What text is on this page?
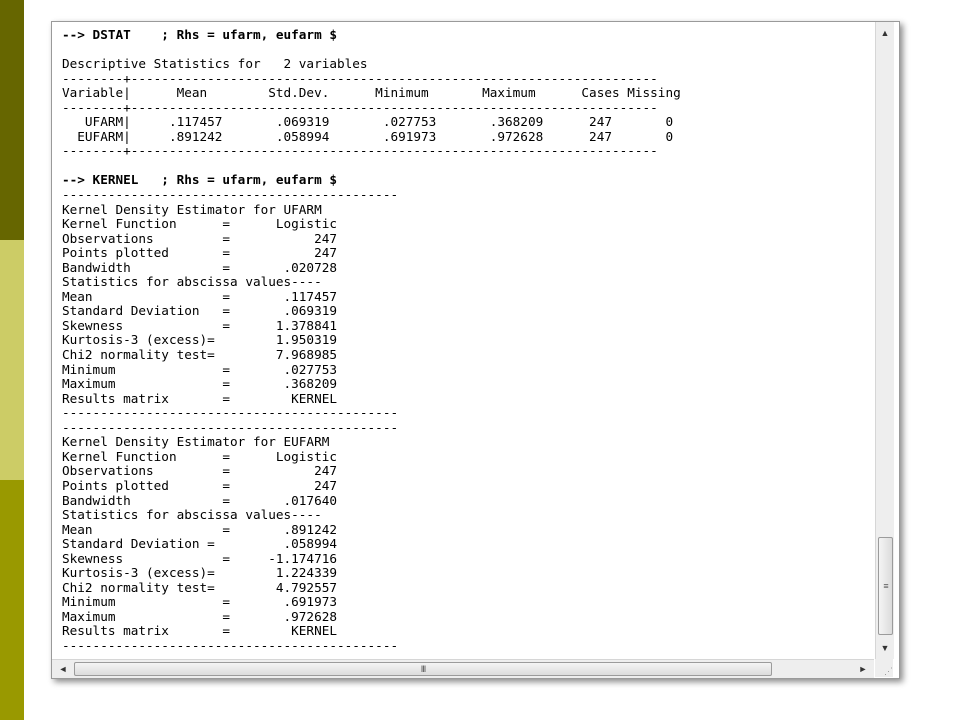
--> DSTAT    ; Rhs = ufarm, eufarm $
Descriptive Statistics for   2 variables
--------+---------------------------------------------------------------------
Variable|      Mean        Std.Dev.      Minimum       Maximum      Cases Missing
--------+---------------------------------------------------------------------
UFARM|     .117457       .069319       .027753       .368209      247       0
EUFARM|     .891242       .058994       .691973       .972628      247       0
--------+---------------------------------------------------------------------
--> KERNEL   ; Rhs = ufarm, eufarm $
--------------------------------------------
Kernel Density Estimator for UFARM
Kernel Function      =      Logistic
Observations         =           247
Points plotted       =           247
Bandwidth            =       .020728
Statistics for abscissa values----
Mean                 =       .117457
Standard Deviation   =       .069319
Skewness             =      1.378841
Kurtosis-3 (excess)=        1.950319
Chi2 normality test=        7.968985
Minimum              =       .027753
Maximum              =       .368209
Results matrix       =        KERNEL
--------------------------------------------
--------------------------------------------
Kernel Density Estimator for EUFARM
Kernel Function      =      Logistic
Observations         =           247
Points plotted       =           247
Bandwidth            =       .017640
Statistics for abscissa values----
Mean                 =       .891242
Standard Deviation =         .058994
Skewness             =     -1.174716
Kurtosis-3 (excess)=        1.224339
Chi2 normality test=        4.792557
Minimum              =       .691973
Maximum              =       .972628
Results matrix       =        KERNEL
--------------------------------------------
▲
≡
▼
◄	III	►	⋰
